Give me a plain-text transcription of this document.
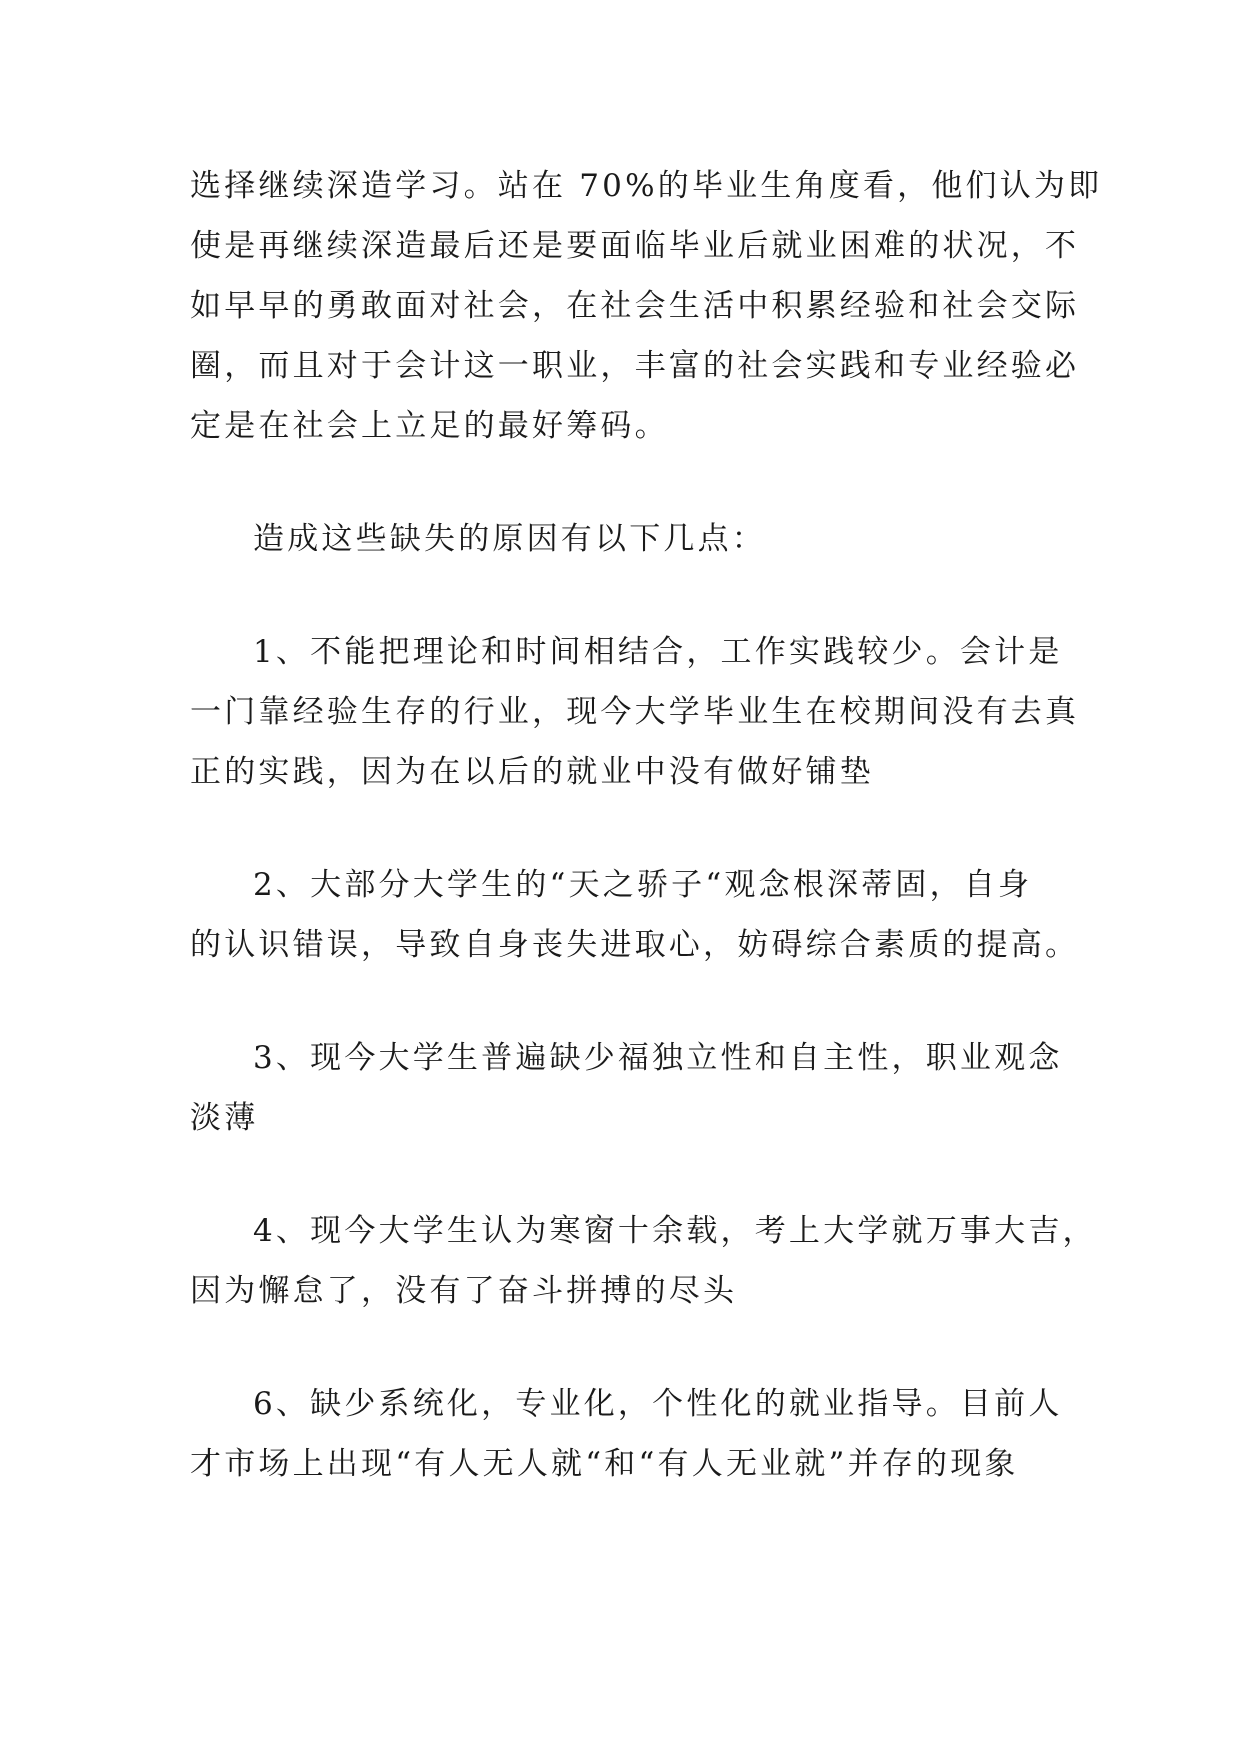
选择继续深造学习。站在 70%的毕业生角度看，他们认为即
使是再继续深造最后还是要面临毕业后就业困难的状况，不
如早早的勇敢面对社会，在社会生活中积累经验和社会交际
圈，而且对于会计这一职业，丰富的社会实践和专业经验必
定是在社会上立足的最好筹码。
造成这些缺失的原因有以下几点：
1、不能把理论和时间相结合，工作实践较少。会计是
一门靠经验生存的行业，现今大学毕业生在校期间没有去真
正的实践，因为在以后的就业中没有做好铺垫
2、大部分大学生的“天之骄子“观念根深蒂固，自身
的认识错误，导致自身丧失进取心，妨碍综合素质的提高。
3、现今大学生普遍缺少福独立性和自主性，职业观念
淡薄
4、现今大学生认为寒窗十余载，考上大学就万事大吉，
因为懈怠了，没有了奋斗拼搏的尽头
6、缺少系统化，专业化，个性化的就业指导。目前人
才市场上出现“有人无人就“和“有人无业就”并存的现象
